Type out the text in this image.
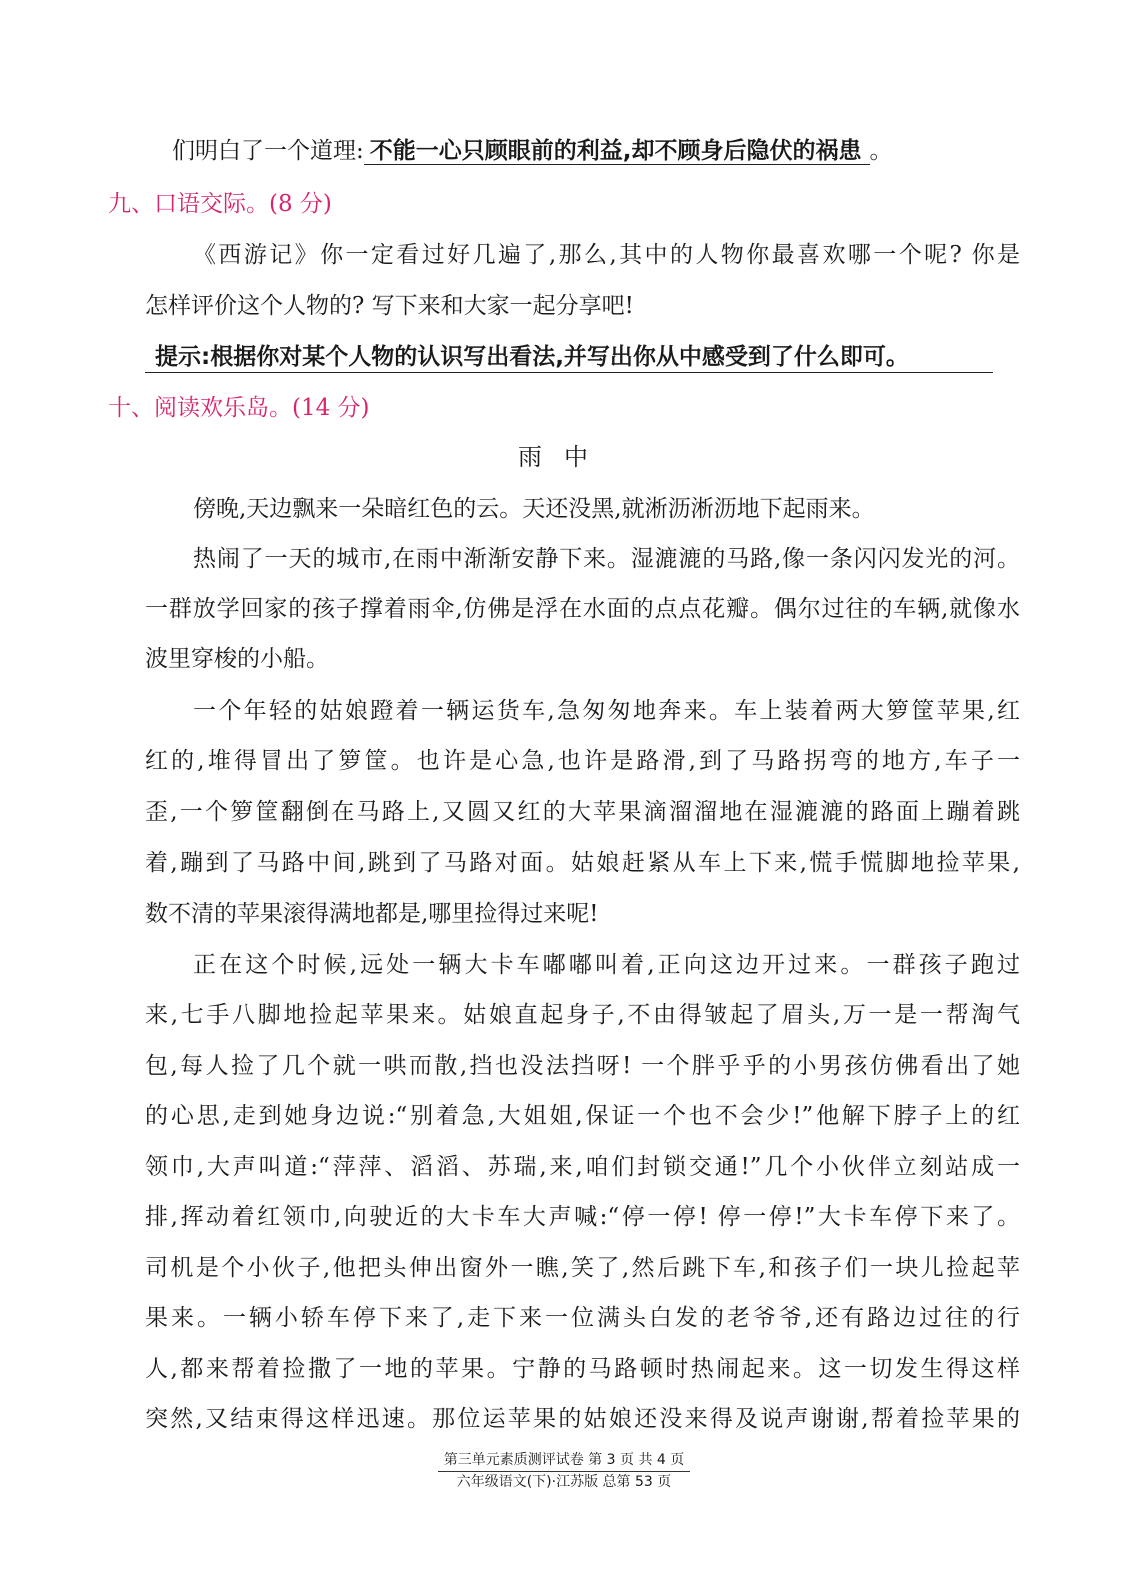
们明白了一个道理: 不能一心只顾眼前的利益,却不顾身后隐伏的祸患 。
九、口语交际。(8 分)
《西游记》你一定看过好几遍了,那么,其中的人物你最喜欢哪一个呢? 你是
怎样评价这个人物的? 写下来和大家一起分享吧!
提示:根据你对某个人物的认识写出看法,并写出你从中感受到了什么即可。
十、阅读欢乐岛。(14 分)
雨中
傍晚,天边飘来一朵暗红色的云。天还没黑,就淅沥淅沥地下起雨来。
热闹了一天的城市,在雨中渐渐安静下来。湿漉漉的马路,像一条闪闪发光的河。
一群放学回家的孩子撑着雨伞,仿佛是浮在水面的点点花瓣。偶尔过往的车辆,就像水
波里穿梭的小船。
一个年轻的姑娘蹬着一辆运货车,急匆匆地奔来。车上装着两大箩筐苹果,红
红的,堆得冒出了箩筐。也许是心急,也许是路滑,到了马路拐弯的地方,车子一
歪,一个箩筐翻倒在马路上,又圆又红的大苹果滴溜溜地在湿漉漉的路面上蹦着跳
着,蹦到了马路中间,跳到了马路对面。姑娘赶紧从车上下来,慌手慌脚地捡苹果,
数不清的苹果滚得满地都是,哪里捡得过来呢!
正在这个时候,远处一辆大卡车嘟嘟叫着,正向这边开过来。一群孩子跑过
来,七手八脚地捡起苹果来。姑娘直起身子,不由得皱起了眉头,万一是一帮淘气
包,每人捡了几个就一哄而散,挡也没法挡呀! 一个胖乎乎的小男孩仿佛看出了她
的心思,走到她身边说:“别着急,大姐姐,保证一个也不会少!”他解下脖子上的红
领巾,大声叫道:“萍萍、滔滔、苏瑞,来,咱们封锁交通!”几个小伙伴立刻站成一
排,挥动着红领巾,向驶近的大卡车大声喊:“停一停! 停一停!”大卡车停下来了。
司机是个小伙子,他把头伸出窗外一瞧,笑了,然后跳下车,和孩子们一块儿捡起苹
果来。一辆小轿车停下来了,走下来一位满头白发的老爷爷,还有路边过往的行
人,都来帮着捡撒了一地的苹果。宁静的马路顿时热闹起来。这一切发生得这样
突然,又结束得这样迅速。那位运苹果的姑娘还没来得及说声谢谢,帮着捡苹果的
第三单元素质测评试卷 第 3 页 共 4 页
六年级语文(下)·江苏版 总第 53 页
